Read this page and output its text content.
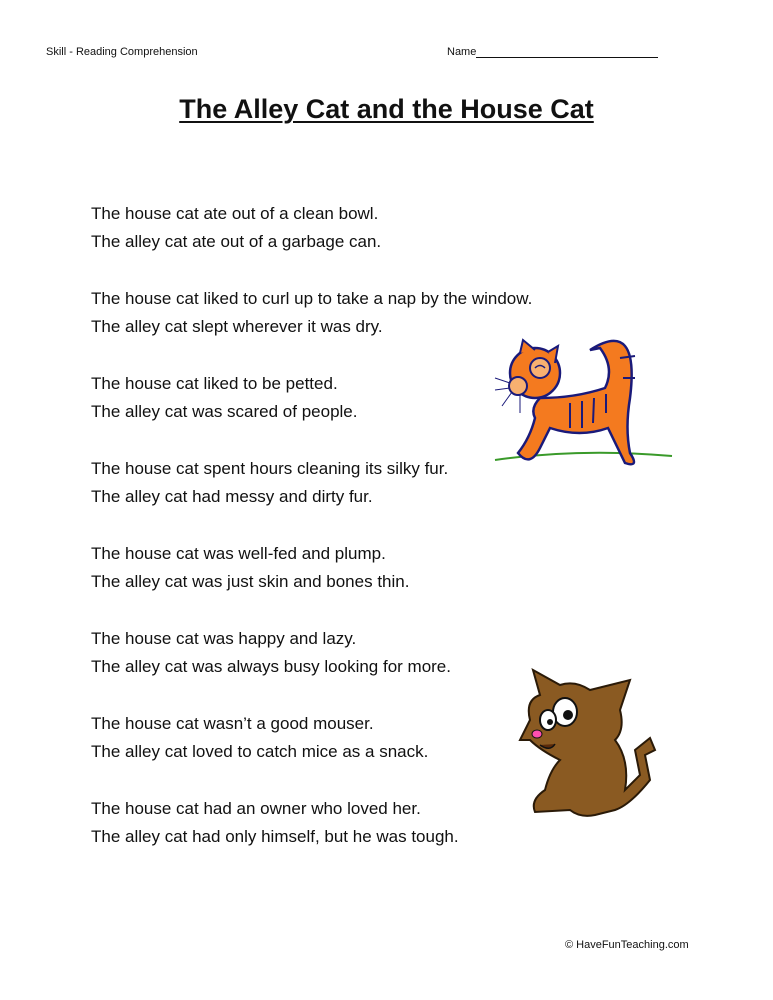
Skill - Reading Comprehension	Name
The Alley Cat and the House Cat
The house cat ate out of a clean bowl.
The alley cat ate out of a garbage can.
The house cat liked to curl up to take a nap by the window.
The alley cat slept wherever it was dry.
The house cat liked to be petted.
The alley cat was scared of people.
The house cat spent hours cleaning its silky fur.
The alley cat had messy and dirty fur.
The house cat was well-fed and plump.
The alley cat was just skin and bones thin.
The house cat was happy and lazy.
The alley cat was always busy looking for more.
The house cat wasn’t a good mouser.
The alley cat loved to catch mice as a snack.
The house cat had an owner who loved her.
The alley cat had only himself, but he was tough.
© HaveFunTeaching.com
